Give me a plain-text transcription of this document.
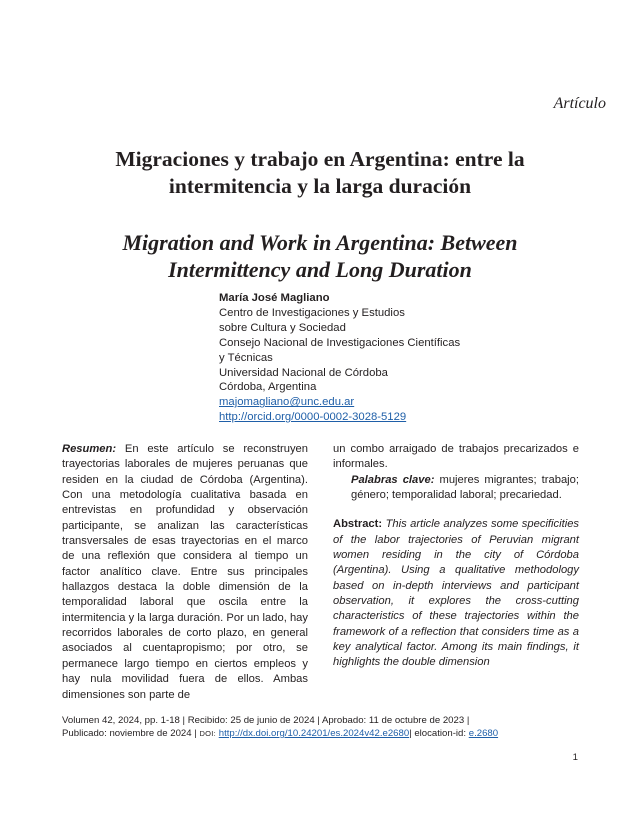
Artículo
Migraciones y trabajo en Argentina: entre la
intermitencia y la larga duración
Migration and Work in Argentina: Between
Intermittency and Long Duration
María José Magliano
Centro de Investigaciones y Estudios
sobre Cultura y Sociedad
Consejo Nacional de Investigaciones Científicas
y Técnicas
Universidad Nacional de Córdoba
Córdoba, Argentina
majomagliano@unc.edu.ar
http://orcid.org/0000-0002-3028-5129

Resumen: En este artículo se reconstruyen trayectorias laborales de mujeres peruanas que residen en la ciudad de Córdoba (Argentina). Con una metodología cualitativa basada en entrevistas en profundidad y observación participante, se analizan las características transversales de esas trayectorias en el marco de una reflexión que considera al tiempo un factor analítico clave. Entre sus principales hallazgos destaca la doble dimensión de la temporalidad laboral que oscila entre la intermitencia y la larga duración. Por un lado, hay recorridos laborales de corto plazo, en general asociados al cuentapropismo; por otro, se permanece largo tiempo en ciertos empleos y hay nula movilidad fuera de ellos. Ambas dimensiones son parte de

un combo arraigado de trabajos precarizados e informales.

Palabras clave: mujeres migrantes; trabajo; género; temporalidad laboral; precariedad.

Abstract: This article analyzes some specificities of the labor trajectories of Peruvian migrant women residing in the city of Córdoba (Argentina). Using a qualitative methodology based on in-depth interviews and participant observation, it explores the cross-cutting characteristics of these trajectories within the framework of a reflection that considers time as a key analytical factor. Among its main findings, it highlights the double dimension

Volumen 42, 2024, pp. 1-18 | Recibido: 25 de junio de 2024 | Aprobado: 11 de octubre de 2023 |
Publicado: noviembre de 2024 | DOI: http://dx.doi.org/10.24201/es.2024v42.e2680| elocation-id: e.2680
1
